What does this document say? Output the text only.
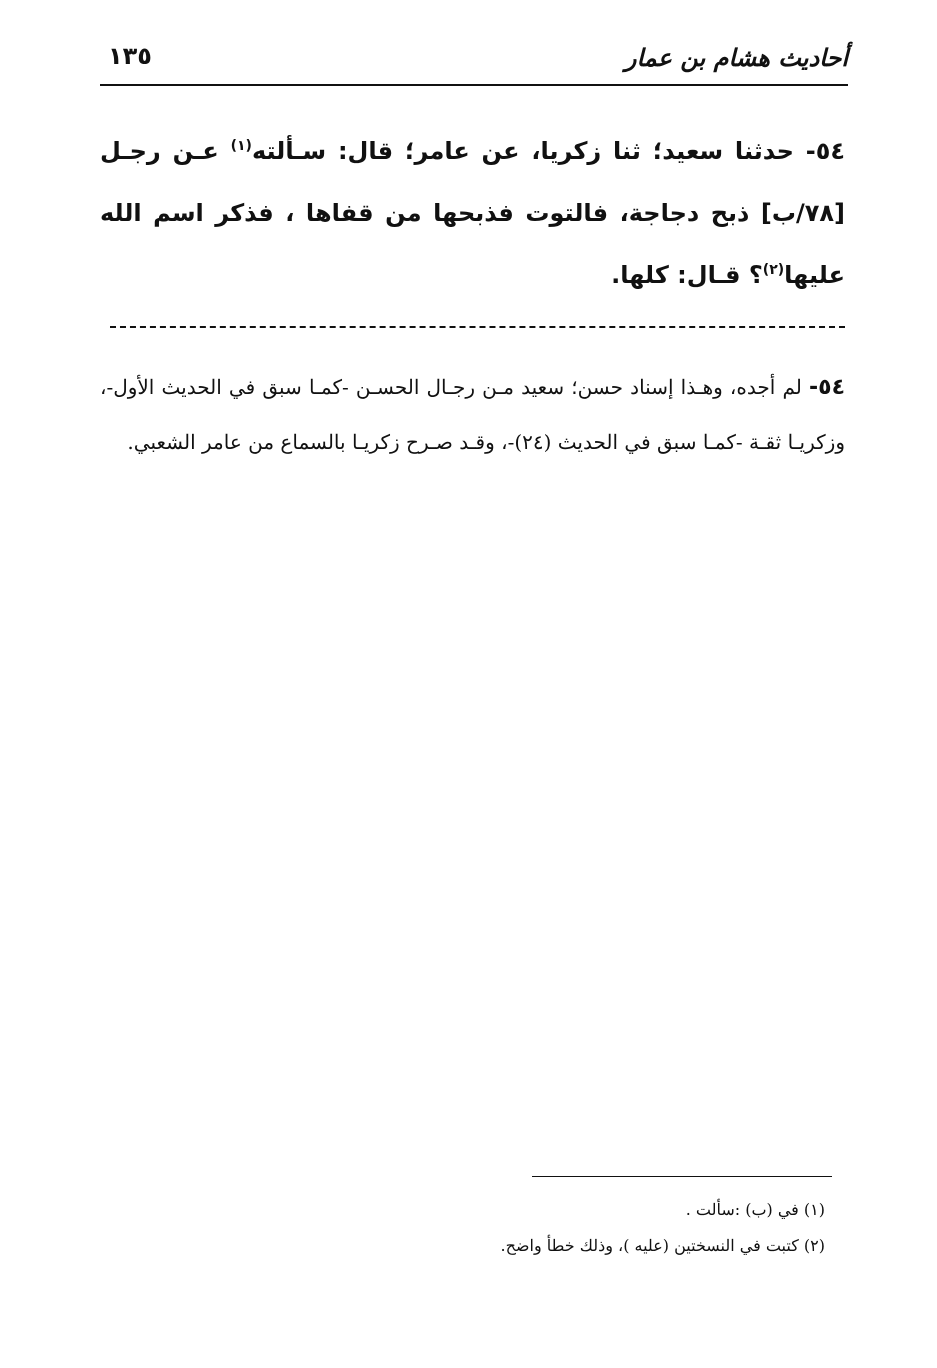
أحاديث هشام بن عمار
١٣٥

٥٤- حدثنا سعيد؛ ثنا زكريا، عن عامر؛ قال: سـألته$^{(١)}$ عـن رجـل [٧٨/ب] ذبح دجاجة، فالتوت فذبحها من قفاها ، فذكر اسم الله عليها$^{(٢)}$؟ قـال: كلها.

٥٤- لم أجده، وهـذا إسناد حسن؛ سعيد مـن رجـال الحسـن -كمـا سبق في الحديث الأول-، وزكريـا ثقـة -كمـا سبق في الحديث (٢٤)-، وقـد صـرح زكريـا بالسماع من عامر الشعبي.

(١) في (ب) :سألت .
(٢) كتبت في النسختين (عليه )، وذلك خطأ واضح.
